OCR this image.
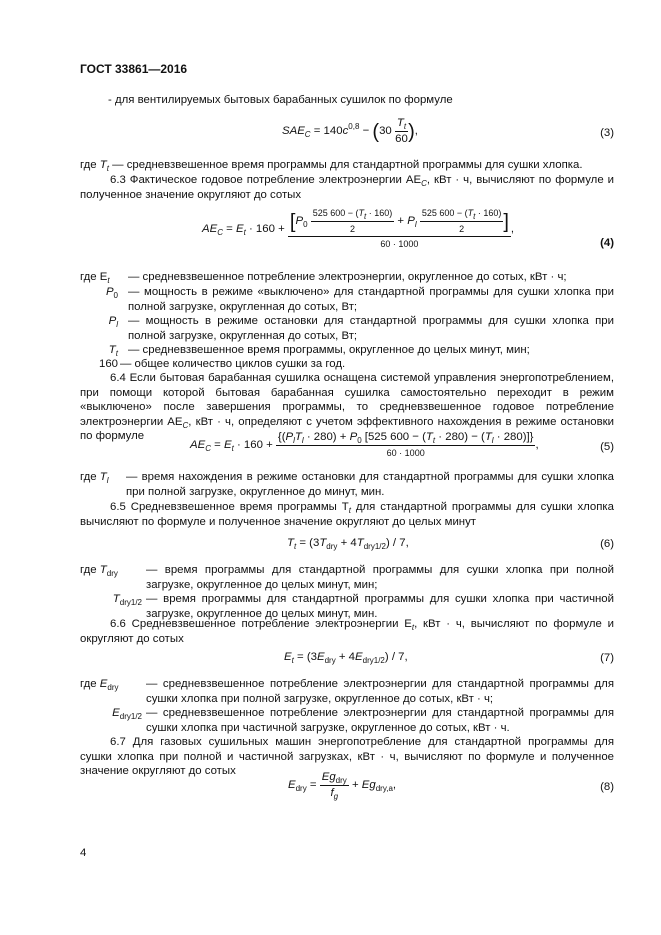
ГОСТ 33861—2016
- для вентилируемых бытовых барабанных сушилок по формуле
$SAE_C = 140c^{0,8} - (30 \frac{T_t}{60}$ ),	(3)
где $T_t$ — средневзвешенное время программы для стандартной программы для сушки хлопка.
6.3 Фактическое годовое потребление электроэнергии $AE_C$, кВт · ч, вычисляют по формуле и полученное значение округляют до сотых
$AE_C = E_t \cdot 160 + [P_0 \frac{525 600 - (T_t \cdot 160)}{2} + P_l \frac{525 600 - (T_t \cdot 160)}{2}$ ]
60 · 1000
,
(4)
где $E_t$	— средневзвешенное потребление электроэнергии, округленное до сотых, кВт · ч;
$P_0$ — мощность в режиме «выключено» для стандартной программы для сушки хлопка при полной загрузке, округленная до сотых, Вт;
$P_l$ — мощность в режиме остановки для стандартной программы для сушки хлопка при полной загрузке, округленная до сотых, Вт;
$T_t$ — средневзвешенное время программы, округленное до целых минут, мин;
160 — общее количество циклов сушки за год.
6.4 Если бытовая барабанная сушилка оснащена системой управления энергопотреблением, при помощи которой бытовая барабанная сушилка самостоятельно переходит в режим «выключено» после завершения программы, то средневзвешенное годовое потребление электроэнергии $AE_C$, кВт · ч, определяют с учетом эффективного нахождения в режиме остановки по формуле
$AE_C = E_t \cdot 160 + \frac{\{(P_lT_l \cdot 280) + P_0 [525 600 - (T_t \cdot 280) - (T_l \cdot 280)]\}}{60 \cdot 1000}$ ,	(5)
где $T_l$	— время нахождения в режиме остановки для стандартной программы для сушки хлопка при полной загрузке, округленное до минут, мин.
6.5 Средневзвешенное время программы $T_t$ для стандартной программы для сушки хлопка вычисляют по формуле и полученное значение округляют до целых минут
$T_t = (3T_{dry} + 4T_{dry1/2}) / 7$,	(6)
где $T_{dry}$	— время программы для стандартной программы для сушки хлопка при полной загрузке, округленное до целых минут, мин;
$T_{dry1/2}$ — время программы для стандартной программы для сушки хлопка при частичной загрузке, округленное до целых минут, мин.
6.6 Средневзвешенное потребление электроэнергии $E_t$, кВт · ч, вычисляют по формуле и округляют до сотых
$E_t = (3E_{dry} + 4E_{dry1/2}) / 7$,	(7)
где $E_{dry}$	— средневзвешенное потребление электроэнергии для стандартной программы для сушки хлопка при полной загрузке, округленное до сотых, кВт · ч;
$E_{dry1/2}$ — средневзвешенное потребление электроэнергии для стандартной программы для сушки хлопка при частичной загрузке, округленное до сотых, кВт · ч.
6.7 Для газовых сушильных машин энергопотребление для стандартной программы для сушки хлопка при полной и частичной загрузках, кВт · ч, вычисляют по формуле и полученное значение округляют до сотых
$E_{dry} = \frac{Eg_{dry}}{f_g} + Eg_{dry,a}$,	(8)
4
